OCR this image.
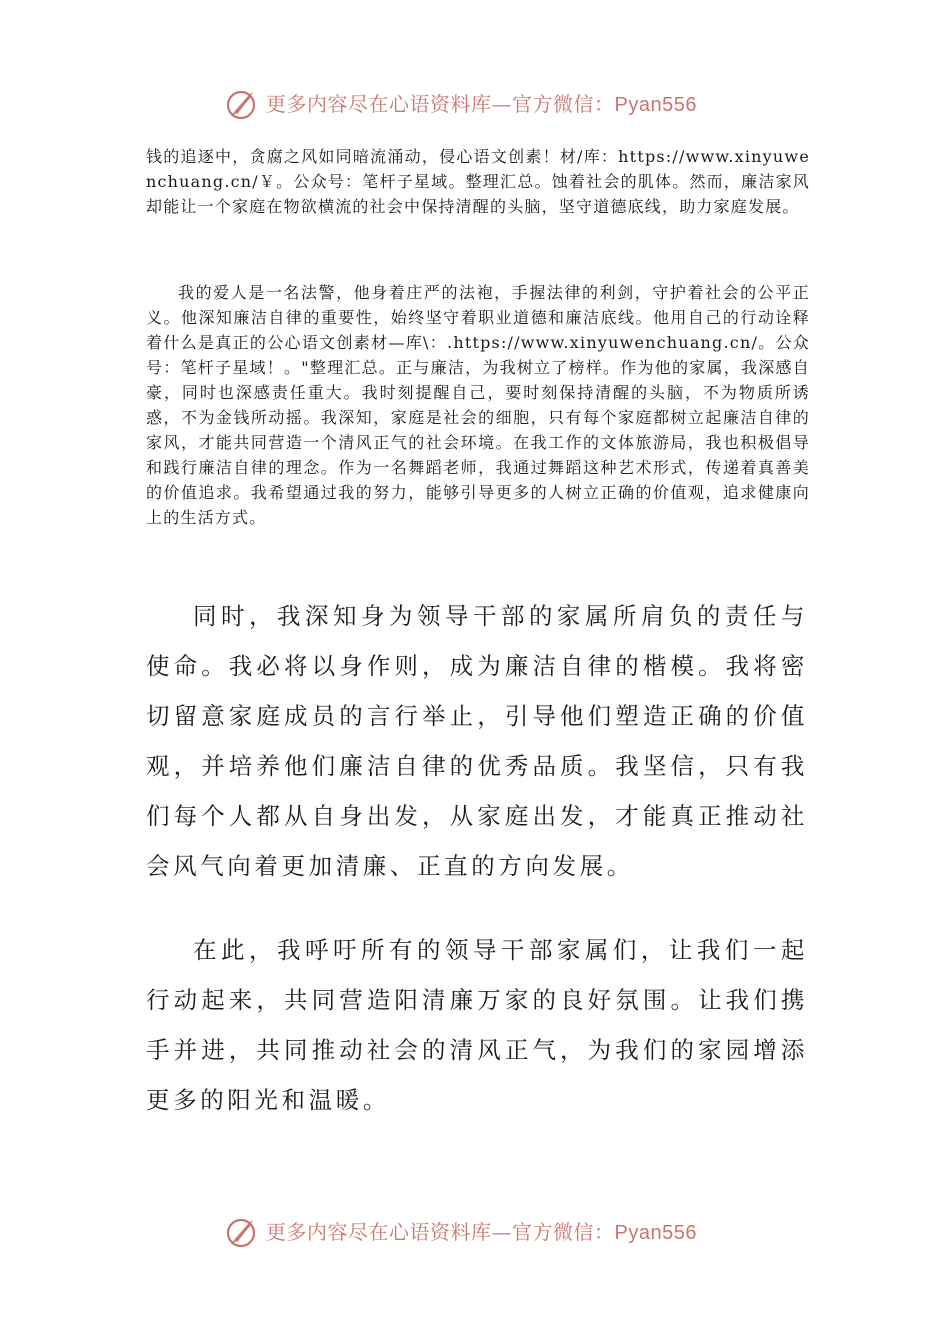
更多内容尽在心语资料库—官方微信：Pyan556

钱的追逐中，贪腐之风如同暗流涌动，侵心语文创素！材/库：https://www.xinyuwenchuang.cn/￥。公众号：笔杆子星域。整理汇总。蚀着社会的肌体。然而，廉洁家风却能让一个家庭在物欲横流的社会中保持清醒的头脑，坚守道德底线，助力家庭发展。

我的爱人是一名法警，他身着庄严的法袍，手握法律的利剑，守护着社会的公平正义。他深知廉洁自律的重要性，始终坚守着职业道德和廉洁底线。他用自己的行动诠释着什么是真正的公心语文创素材—库\：.https://www.xinyuwenchuang.cn/。公众号：笔杆子星域！。"整理汇总。正与廉洁，为我树立了榜样。作为他的家属，我深感自豪，同时也深感责任重大。我时刻提醒自己，要时刻保持清醒的头脑，不为物质所诱惑，不为金钱所动摇。我深知，家庭是社会的细胞，只有每个家庭都树立起廉洁自律的家风，才能共同营造一个清风正气的社会环境。在我工作的文体旅游局，我也积极倡导和践行廉洁自律的理念。作为一名舞蹈老师，我通过舞蹈这种艺术形式，传递着真善美的价值追求。我希望通过我的努力，能够引导更多的人树立正确的价值观，追求健康向上的生活方式。

同时，我深知身为领导干部的家属所肩负的责任与使命。我必将以身作则，成为廉洁自律的楷模。我将密切留意家庭成员的言行举止，引导他们塑造正确的价值观，并培养他们廉洁自律的优秀品质。我坚信，只有我们每个人都从自身出发，从家庭出发，才能真正推动社会风气向着更加清廉、正直的方向发展。

在此，我呼吁所有的领导干部家属们，让我们一起行动起来，共同营造阳清廉万家的良好氛围。让我们携手并进，共同推动社会的清风正气，为我们的家园增添更多的阳光和温暖。

更多内容尽在心语资料库—官方微信：Pyan556
